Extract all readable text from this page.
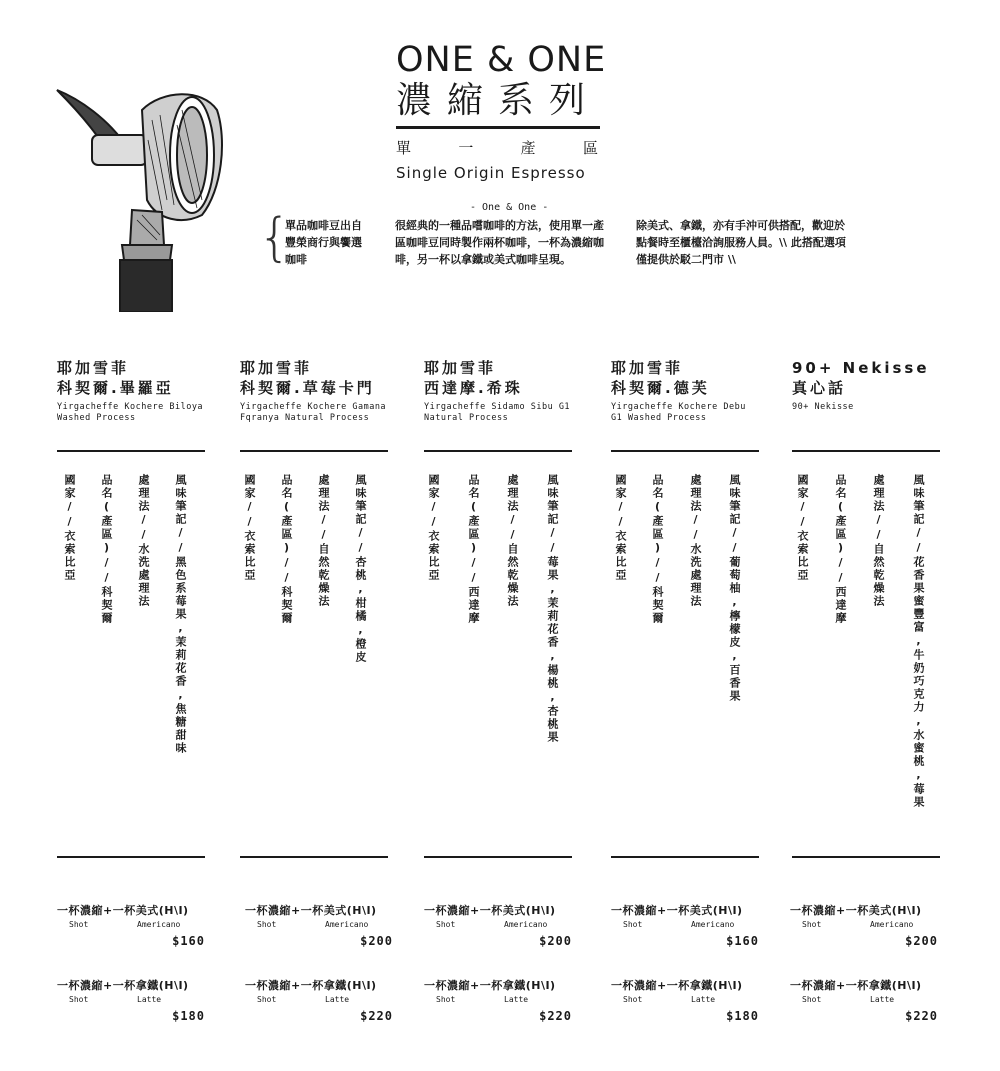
ONE & ONE
濃縮系列
單	一	產	區
Single Origin Espresso
- One & One -
{
單品咖啡豆出自豐榮商行與饗選咖啡
很經典的一種品嚐咖啡的方法，使用單一產區咖啡豆同時製作兩杯咖啡，一杯為濃縮咖啡，另一杯以拿鐵或美式咖啡呈現。
除美式、拿鐵，亦有手沖可供搭配，歡迎於點餐時至櫃檯洽詢服務人員。\\ 此搭配選項僅提供於駁二門市 \\
耶加雪菲
科契爾.畢羅亞
Yirgacheffe Kochere Biloya Washed Process
國家//衣索比亞 品名(產區)//科契爾 處理法//水洗處理法 風味筆記//黑色系莓果,茉莉花香,焦糖甜味
耶加雪菲
科契爾.草莓卡門
Yirgacheffe Kochere Gamana Fqranya Natural Process
國家//衣索比亞 品名(產區)//科契爾 處理法//自然乾燥法 風味筆記//杏桃,柑橘,橙皮
耶加雪菲
西達摩.希珠
Yirgacheffe Sidamo Sibu G1 Natural Process
國家//衣索比亞 品名(產區)//西達摩 處理法//自然乾燥法 風味筆記//莓果,茉莉花香,楊桃,杏桃果
耶加雪菲
科契爾.德芙
Yirgacheffe Kochere Debu G1 Washed Process
國家//衣索比亞 品名(產區)//科契爾 處理法//水洗處理法 風味筆記//葡萄柚,檸檬皮,百香果
90+ Nekisse
真心話
90+ Nekisse
國家//衣索比亞 品名(產區)//西達摩 處理法//自然乾燥法 風味筆記//花香果蜜豐富,牛奶巧克力,水蜜桃,莓果
一杯濃縮+一杯美式(H\I)
Shot	Americano
$160
一杯濃縮+一杯美式(H\I)
Shot	Americano
$200
一杯濃縮+一杯美式(H\I)
Shot	Americano
$200
一杯濃縮+一杯美式(H\I)
Shot	Americano
$160
一杯濃縮+一杯美式(H\I)
Shot	Americano
$200
一杯濃縮+一杯拿鐵(H\I)
Shot	Latte
$180
一杯濃縮+一杯拿鐵(H\I)
Shot	Latte
$220
一杯濃縮+一杯拿鐵(H\I)
Shot	Latte
$220
一杯濃縮+一杯拿鐵(H\I)
Shot	Latte
$180
一杯濃縮+一杯拿鐵(H\I)
Shot	Latte
$220
